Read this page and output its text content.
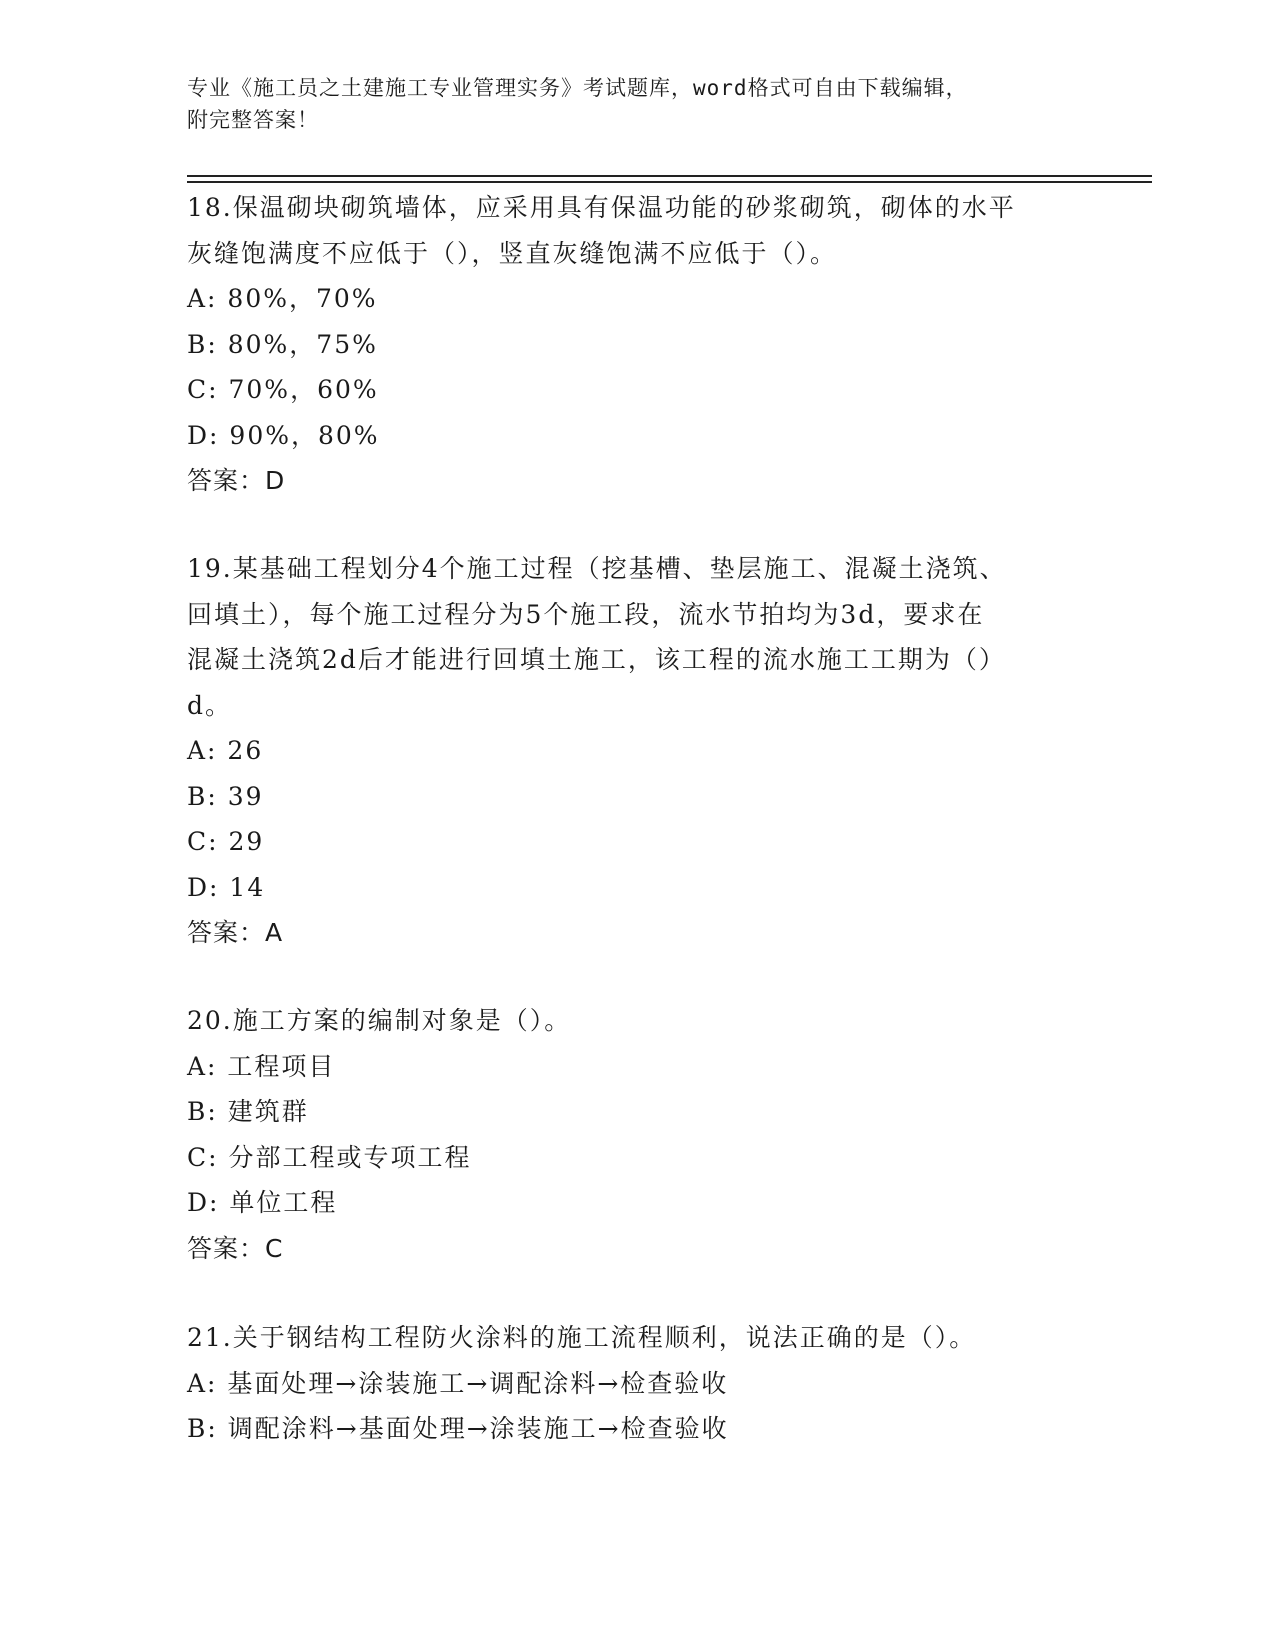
专业《施工员之土建施工专业管理实务》考试题库，word格式可自由下载编辑，
附完整答案！
18.保温砌块砌筑墙体，应采用具有保温功能的砂浆砌筑，砌体的水平
灰缝饱满度不应低于（），竖直灰缝饱满不应低于（）。
A: 80%，70%
B: 80%，75%
C: 70%，60%
D: 90%，80%
答案：D
19.某基础工程划分4个施工过程（挖基槽、垫层施工、混凝土浇筑、
回填土），每个施工过程分为5个施工段，流水节拍均为3d，要求在
混凝土浇筑2d后才能进行回填土施工，该工程的流水施工工期为（）
d。
A: 26
B: 39
C: 29
D: 14
答案：A
20.施工方案的编制对象是（）。
A: 工程项目
B: 建筑群
C: 分部工程或专项工程
D: 单位工程
答案：C
21.关于钢结构工程防火涂料的施工流程顺利，说法正确的是（）。
A: 基面处理→涂装施工→调配涂料→检查验收
B: 调配涂料→基面处理→涂装施工→检查验收
